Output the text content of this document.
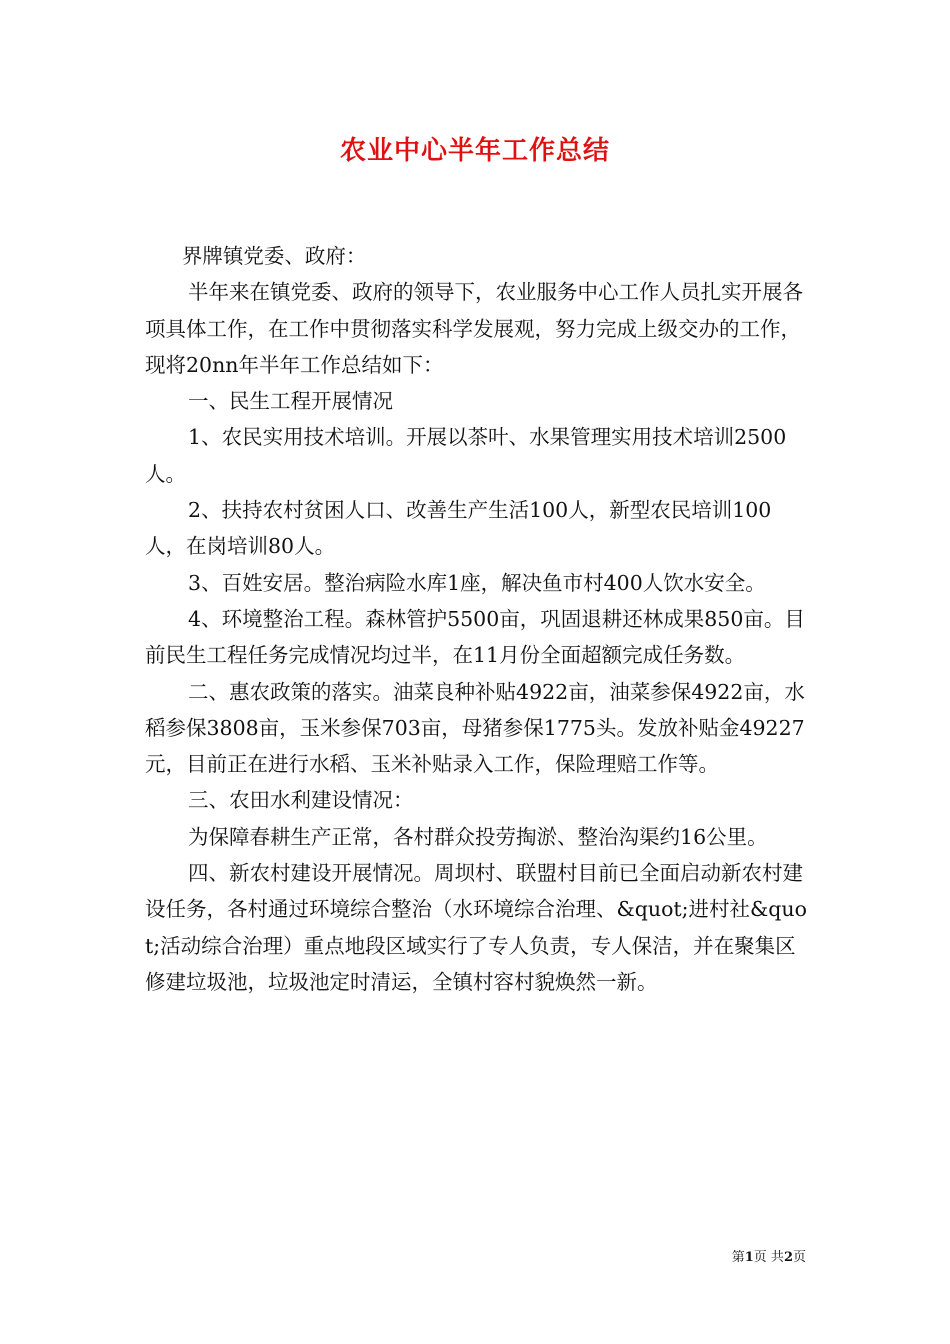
农业中心半年工作总结

界牌镇党委、政府：

半年来在镇党委、政府的领导下，农业服务中心工作人员扎实开展各项具体工作，在工作中贯彻落实科学发展观，努力完成上级交办的工作，现将20nn年半年工作总结如下：

一、民生工程开展情况

1、农民实用技术培训。开展以茶叶、水果管理实用技术培训2500人。

2、扶持农村贫困人口、改善生产生活100人，新型农民培训100人，在岗培训80人。

3、百姓安居。整治病险水库1座，解决鱼市村400人饮水安全。

4、环境整治工程。森林管护5500亩，巩固退耕还林成果850亩。目前民生工程任务完成情况均过半，在11月份全面超额完成任务数。

二、惠农政策的落实。油菜良种补贴4922亩，油菜参保4922亩，水稻参保3808亩，玉米参保703亩，母猪参保1775头。发放补贴金49227元，目前正在进行水稻、玉米补贴录入工作，保险理赔工作等。

三、农田水利建设情况：

为保障春耕生产正常，各村群众投劳掏淤、整治沟渠约16公里。

四、新农村建设开展情况。周坝村、联盟村目前已全面启动新农村建设任务，各村通过环境综合整治（水环境综合治理、&quot;进村社&quot;活动综合治理）重点地段区域实行了专人负责，专人保洁，并在聚集区修建垃圾池，垃圾池定时清运，全镇村容村貌焕然一新。

第1页 共2页
